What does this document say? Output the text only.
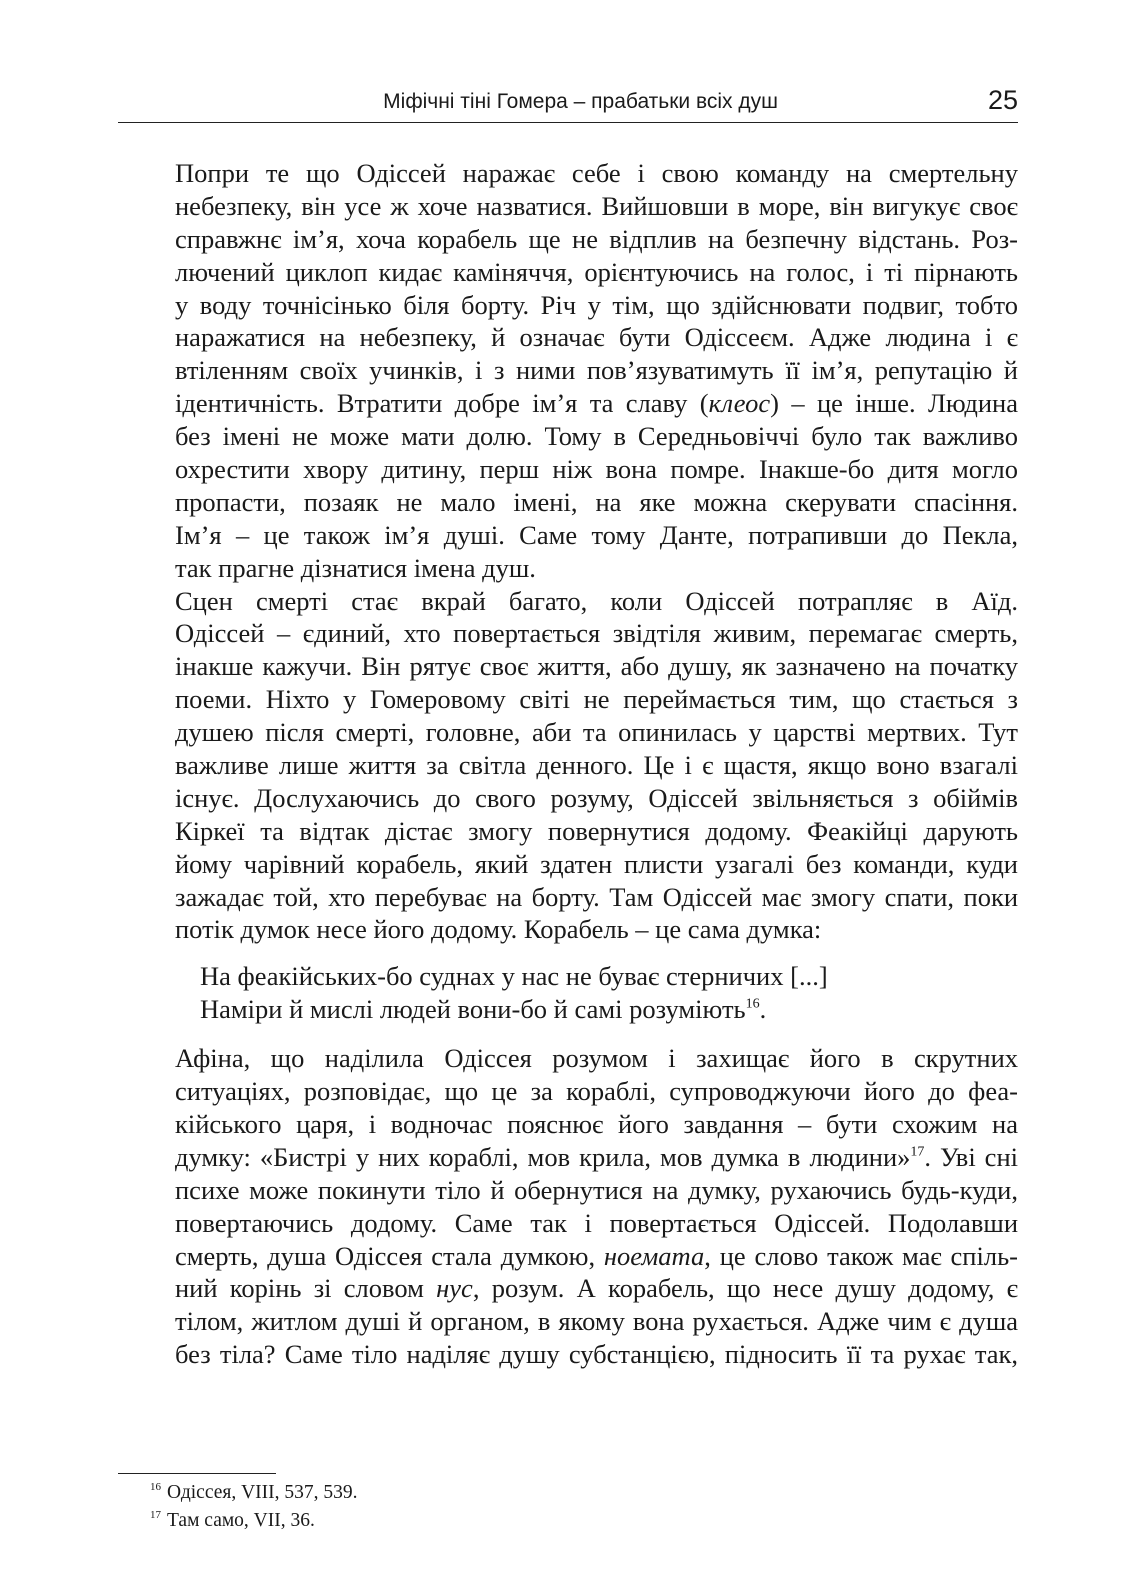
Міфічні тіні Гомера – прабатьки всіх душ	25

Попри те що Одіссей наражає себе і свою команду на смертельну
небезпеку, він усе ж хоче назватися. Вийшовши в море, він вигукує своє
справжнє ім’я, хоча корабель ще не відплив на безпечну відстань. Роз-
лючений циклоп кидає каміняччя, орієнтуючись на голос, і ті пірнають
у воду точнісінько біля борту. Річ у тім, що здійснювати подвиг, тобто
наражатися на небезпеку, й означає бути Одіссеєм. Адже людина і є
втіленням своїх учинків, і з ними пов’язуватимуть її ім’я, репутацію й
ідентичність. Втратити добре ім’я та славу (клеос) – це інше. Людина
без імені не може мати долю. Тому в Середньовіччі було так важливо
охрестити хвору дитину, перш ніж вона помре. Інакше-бо дитя могло
пропасти, позаяк не мало імені, на яке можна скерувати спасіння.
Ім’я – це також ім’я душі. Саме тому Данте, потрапивши до Пекла,
так прагне дізнатися імена душ.

Сцен смерті стає вкрай багато, коли Одіссей потрапляє в Аїд.
Одіссей – єдиний, хто повертається звідтіля живим, перемагає смерть,
інакше кажучи. Він рятує своє життя, або душу, як зазначено на початку
поеми. Ніхто у Гомеровому світі не переймається тим, що стається з
душею після смерті, головне, аби та опинилась у царстві мертвих. Тут
важливе лише життя за світла денного. Це і є щастя, якщо воно взагалі
існує. Дослухаючись до свого розуму, Одіссей звільняється з обіймів
Кіркеї та відтак дістає змогу повернутися додому. Феакійці дарують
йому чарівний корабель, який здатен плисти узагалі без команди, куди
зажадає той, хто перебуває на борту. Там Одіссей має змогу спати, поки
потік думок несе його додому. Корабель – це сама думка:

На феакійських-бо суднах у нас не буває стерничих [...]
Наміри й мислі людей вони-бо й самі розуміють$^{16}$.

Афіна, що наділила Одіссея розумом і захищає його в скрутних
ситуаціях, розповідає, що це за кораблі, супроводжуючи його до феа-
кійського царя, і водночас пояснює його завдання – бути схожим на
думку: «Бистрі у них кораблі, мов крила, мов думка в людини»$^{17}$. Уві сні
психе може покинути тіло й обернутися на думку, рухаючись будь-куди,
повертаючись додому. Саме так і повертається Одіссей. Подолавши
смерть, душа Одіссея стала думкою, ноемата, це слово також має спіль-
ний корінь зі словом нус, розум. А корабель, що несе душу додому, є
тілом, житлом душі й органом, в якому вона рухається. Адже чим є душа
без тіла? Саме тіло наділяє душу субстанцією, підносить її та рухає так,

$^{16}$ Одіссея, VIII, 537, 539.
$^{17}$ Там само, VII, 36.
